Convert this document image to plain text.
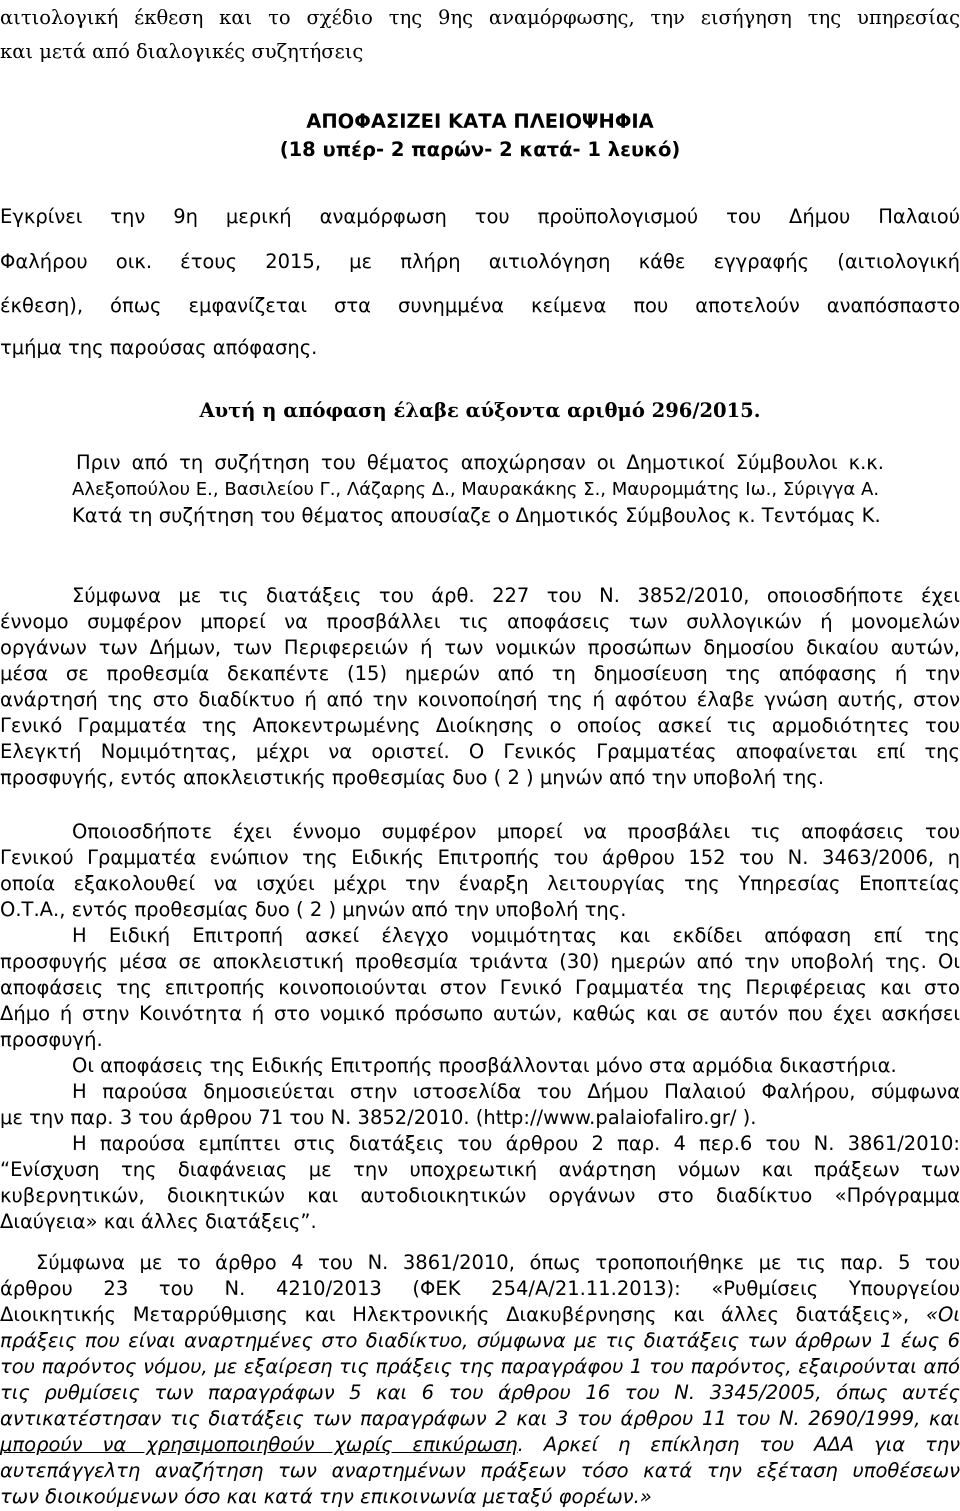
αιτιολογική έκθεση και το σχέδιο της 9ης αναμόρφωσης, την εισήγηση της υπηρεσίας
και μετά από διαλογικές συζητήσεις
ΑΠΟΦΑΣΙΖΕΙ ΚΑΤΑ ΠΛΕΙΟΨΗΦΙΑ
(18 υπέρ- 2 παρών- 2 κατά- 1 λευκό)
Εγκρίνει την 9η μερική αναμόρφωση του προϋπολογισμού του Δήμου Παλαιού
Φαλήρου οικ. έτους 2015, με πλήρη αιτιολόγηση κάθε εγγραφής (αιτιολογική
έκθεση), όπως εμφανίζεται στα συνημμένα κείμενα που αποτελούν αναπόσπαστο
τμήμα της παρούσας απόφασης.
Αυτή η απόφαση έλαβε αύξοντα αριθμό 296/2015.
Πριν από τη συζήτηση του θέματος αποχώρησαν οι Δημοτικοί Σύμβουλοι κ.κ.
Αλεξοπούλου Ε., Βασιλείου Γ., Λάζαρης Δ., Μαυρακάκης Σ., Μαυρομμάτης Ιω., Σύριγγα Α.
Κατά τη συζήτηση του θέματος απουσίαζε ο Δημοτικός Σύμβουλος κ. Τεντόμας Κ.
Σύμφωνα με τις διατάξεις του άρθ. 227 του Ν. 3852/2010, οποιοσδήποτε έχει
έννομο συμφέρον μπορεί να προσβάλλει τις αποφάσεις των συλλογικών ή μονομελών
οργάνων των Δήμων, των Περιφερειών ή των νομικών προσώπων δημοσίου δικαίου αυτών,
μέσα σε προθεσμία δεκαπέντε (15) ημερών από τη δημοσίευση της απόφασης ή την
ανάρτησή της στο διαδίκτυο ή από την κοινοποίησή της ή αφότου έλαβε γνώση αυτής, στον
Γενικό Γραμματέα της Αποκεντρωμένης Διοίκησης ο οποίος ασκεί τις αρμοδιότητες του
Ελεγκτή Νομιμότητας, μέχρι να οριστεί. Ο Γενικός Γραμματέας αποφαίνεται επί της
προσφυγής, εντός αποκλειστικής προθεσμίας δυο ( 2 ) μηνών από την υποβολή της.
Οποιοσδήποτε έχει έννομο συμφέρον μπορεί να προσβάλει τις αποφάσεις του
Γενικού Γραμματέα ενώπιον της Ειδικής Επιτροπής του άρθρου 152 του Ν. 3463/2006, η
οποία εξακολουθεί να ισχύει μέχρι την έναρξη λειτουργίας της Υπηρεσίας Εποπτείας
Ο.Τ.Α., εντός προθεσμίας δυο ( 2 ) μηνών από την υποβολή της.
Η Ειδική Επιτροπή ασκεί έλεγχο νομιμότητας και εκδίδει απόφαση επί της
προσφυγής μέσα σε αποκλειστική προθεσμία τριάντα (30) ημερών από την υποβολή της. Οι
αποφάσεις της επιτροπής κοινοποιούνται στον Γενικό Γραμματέα της Περιφέρειας και στο
Δήμο ή στην Κοινότητα ή στο νομικό πρόσωπο αυτών, καθώς και σε αυτόν που έχει ασκήσει
προσφυγή.
Οι αποφάσεις της Ειδικής Επιτροπής προσβάλλονται μόνο στα αρμόδια δικαστήρια.
Η παρούσα δημοσιεύεται στην ιστοσελίδα του Δήμου Παλαιού Φαλήρου, σύμφωνα
με την παρ. 3 του άρθρου 71 του Ν. 3852/2010. (http://www.palaiofaliro.gr/ ).
Η παρούσα εμπίπτει στις διατάξεις του άρθρου 2 παρ. 4 περ.6 του Ν. 3861/2010:
“Ενίσχυση της διαφάνειας με την υποχρεωτική ανάρτηση νόμων και πράξεων των
κυβερνητικών, διοικητικών και αυτοδιοικητικών οργάνων στο διαδίκτυο «Πρόγραμμα
Διαύγεια» και άλλες διατάξεις”.
Σύμφωνα με το άρθρο 4 του Ν. 3861/2010, όπως τροποποιήθηκε με τις παρ. 5 του
άρθρου 23 του Ν. 4210/2013 (ΦΕΚ 254/Α/21.11.2013): «Ρυθμίσεις Υπουργείου
Διοικητικής Μεταρρύθμισης και Ηλεκτρονικής Διακυβέρνησης και άλλες διατάξεις», «Οι
πράξεις που είναι αναρτημένες στο διαδίκτυο, σύμφωνα με τις διατάξεις των άρθρων 1 έως 6
του παρόντος νόμου, με εξαίρεση τις πράξεις της παραγράφου 1 του παρόντος, εξαιρούνται από
τις ρυθμίσεις των παραγράφων 5 και 6 του άρθρου 16 του Ν. 3345/2005, όπως αυτές
αντικατέστησαν τις διατάξεις των παραγράφων 2 και 3 του άρθρου 11 του Ν. 2690/1999, και
μπορούν να χρησιμοποιηθούν χωρίς επικύρωση. Αρκεί η επίκληση του ΑΔΑ για την
αυτεπάγγελτη αναζήτηση των αναρτημένων πράξεων τόσο κατά την εξέταση υποθέσεων
των διοικούμενων όσο και κατά την επικοινωνία μεταξύ φορέων.»
